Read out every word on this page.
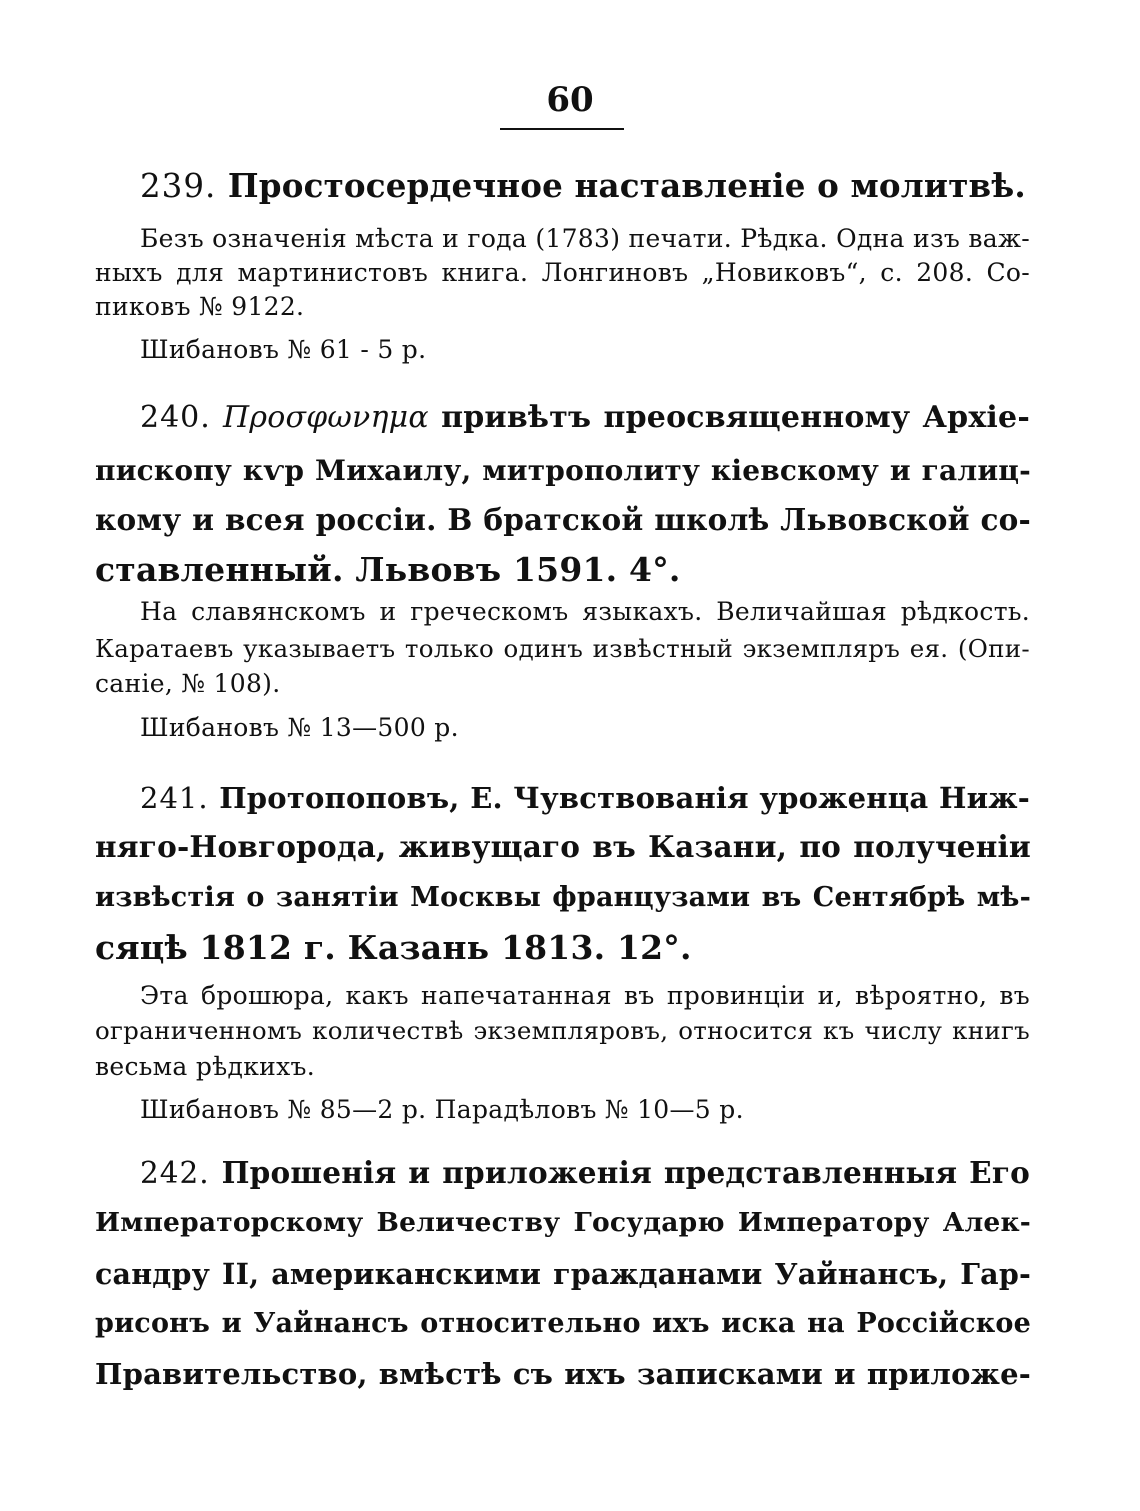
60
239. Простосердечное наставленіе о молитвѣ.
Безъ означенія мѣста и года (1783) печати. Рѣдка. Одна изъ важ-
ныхъ для мартинистовъ книга. Лонгиновъ „Новиковъ“, с. 208. Со-
пиковъ № 9122.
Шибановъ № 61 - 5 р.
240. Προσφωνημα привѣтъ преосвященному Архіе-
пископу кѵр Михаилу, митрополиту кіевскому и галиц-
кому и всея россіи. В братской школѣ Львовской со-
ставленный. Львовъ 1591. 4°.
На славянскомъ и греческомъ языкахъ. Величайшая рѣдкость.
Каратаевъ указываетъ только одинъ извѣстный экземпляръ ея. (Опи-
саніе, № 108).
Шибановъ № 13—500 р.
241. Протопоповъ, Е. Чувствованія уроженца Ниж-
няго-Новгорода, живущаго въ Казани, по полученіи
извѣстія о занятіи Москвы французами въ Сентябрѣ мѣ-
сяцѣ 1812 г. Казань 1813. 12°.
Эта брошюра, какъ напечатанная въ провинціи и, вѣроятно, въ
ограниченномъ количествѣ экземпляровъ, относится къ числу книгъ
весьма рѣдкихъ.
Шибановъ № 85—2 р. Парадѣловъ № 10—5 р.
242. Прошенія и приложенія представленныя Его
Императорскому Величеству Государю Императору Алек-
сандру II, американскими гражданами Уайнансъ, Гар-
рисонъ и Уайнансъ относительно ихъ иска на Россійское
Правительство, вмѣстѣ съ ихъ записками и приложе-
